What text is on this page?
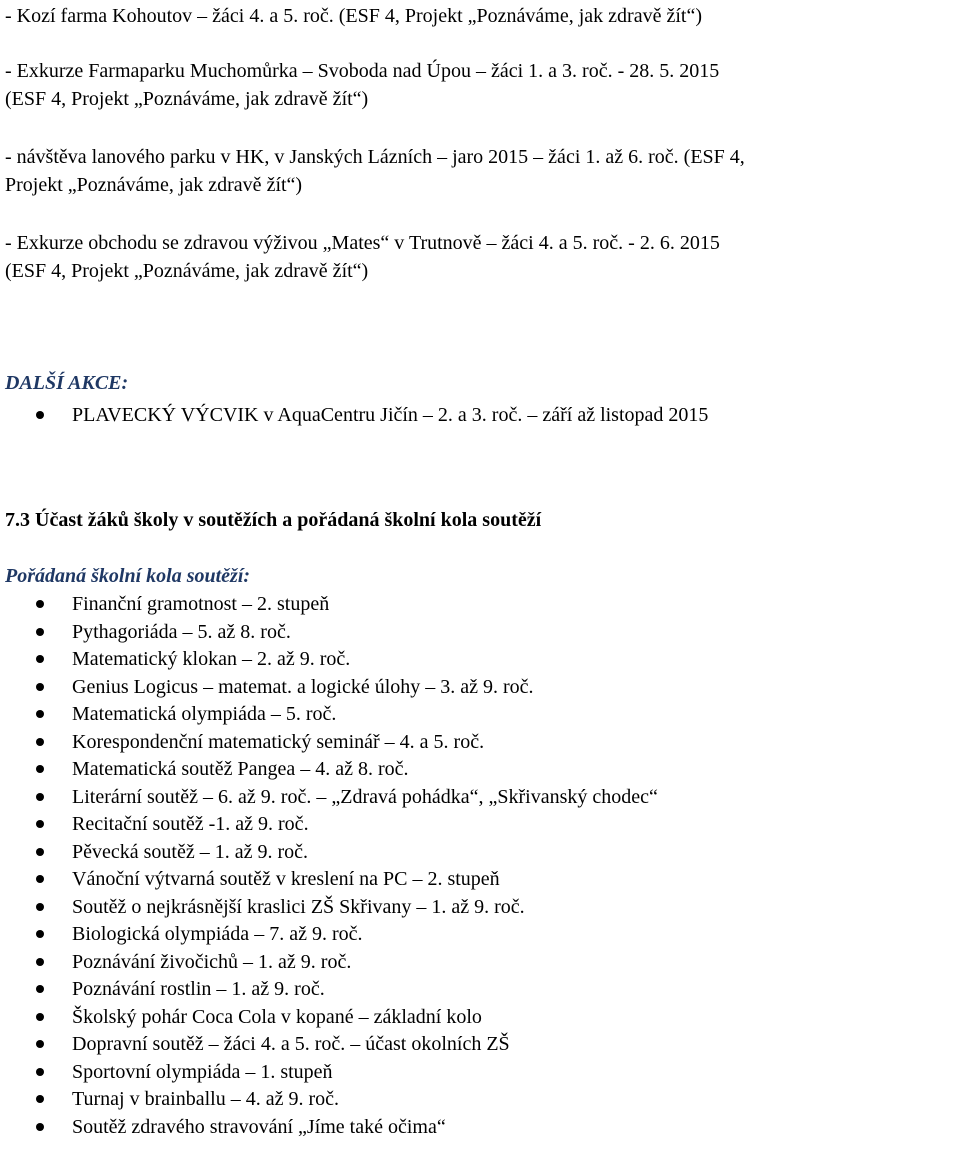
- Kozí farma Kohoutov – žáci 4. a 5. roč. (ESF 4, Projekt „Poznáváme, jak zdravě žít“)
- Exkurze Farmaparku Muchomůrka – Svoboda nad Úpou – žáci 1. a 3. roč. - 28. 5. 2015
(ESF 4, Projekt „Poznáváme, jak zdravě žít“)
- návštěva lanového parku v HK, v Janských Lázních – jaro 2015 – žáci 1. až 6. roč. (ESF 4,
Projekt „Poznáváme, jak zdravě žít“)
- Exkurze obchodu se zdravou výživou „Mates“ v Trutnově – žáci 4. a 5. roč. - 2. 6. 2015
(ESF 4, Projekt „Poznáváme, jak zdravě žít“)
DALŠÍ AKCE:
PLAVECKÝ VÝCVIK v AquaCentru Jičín – 2. a 3. roč. – září až listopad 2015
7.3 Účast žáků školy v soutěžích a pořádaná školní kola soutěží
Pořádaná školní kola soutěží:
Finanční gramotnost – 2. stupeň
Pythagoriáda – 5. až 8. roč.
Matematický klokan – 2. až 9. roč.
Genius Logicus – matemat. a logické úlohy – 3. až 9. roč.
Matematická olympiáda – 5. roč.
Korespondenční matematický seminář – 4. a 5. roč.
Matematická soutěž Pangea – 4. až 8. roč.
Literární soutěž – 6. až 9. roč. – „Zdravá pohádka“, „Skřivanský chodec“
Recitační soutěž -1. až 9. roč.
Pěvecká soutěž – 1. až 9. roč.
Vánoční výtvarná soutěž v kreslení na PC – 2. stupeň
Soutěž o nejkrásnější kraslici ZŠ Skřivany – 1. až 9. roč.
Biologická olympiáda – 7. až 9. roč.
Poznávání živočichů – 1. až 9. roč.
Poznávání rostlin – 1. až 9. roč.
Školský pohár Coca Cola v kopané – základní kolo
Dopravní soutěž – žáci 4. a 5. roč. – účast okolních ZŠ
Sportovní olympiáda – 1. stupeň
Turnaj v brainballu – 4. až 9. roč.
Soutěž zdravého stravování „Jíme také očima“
